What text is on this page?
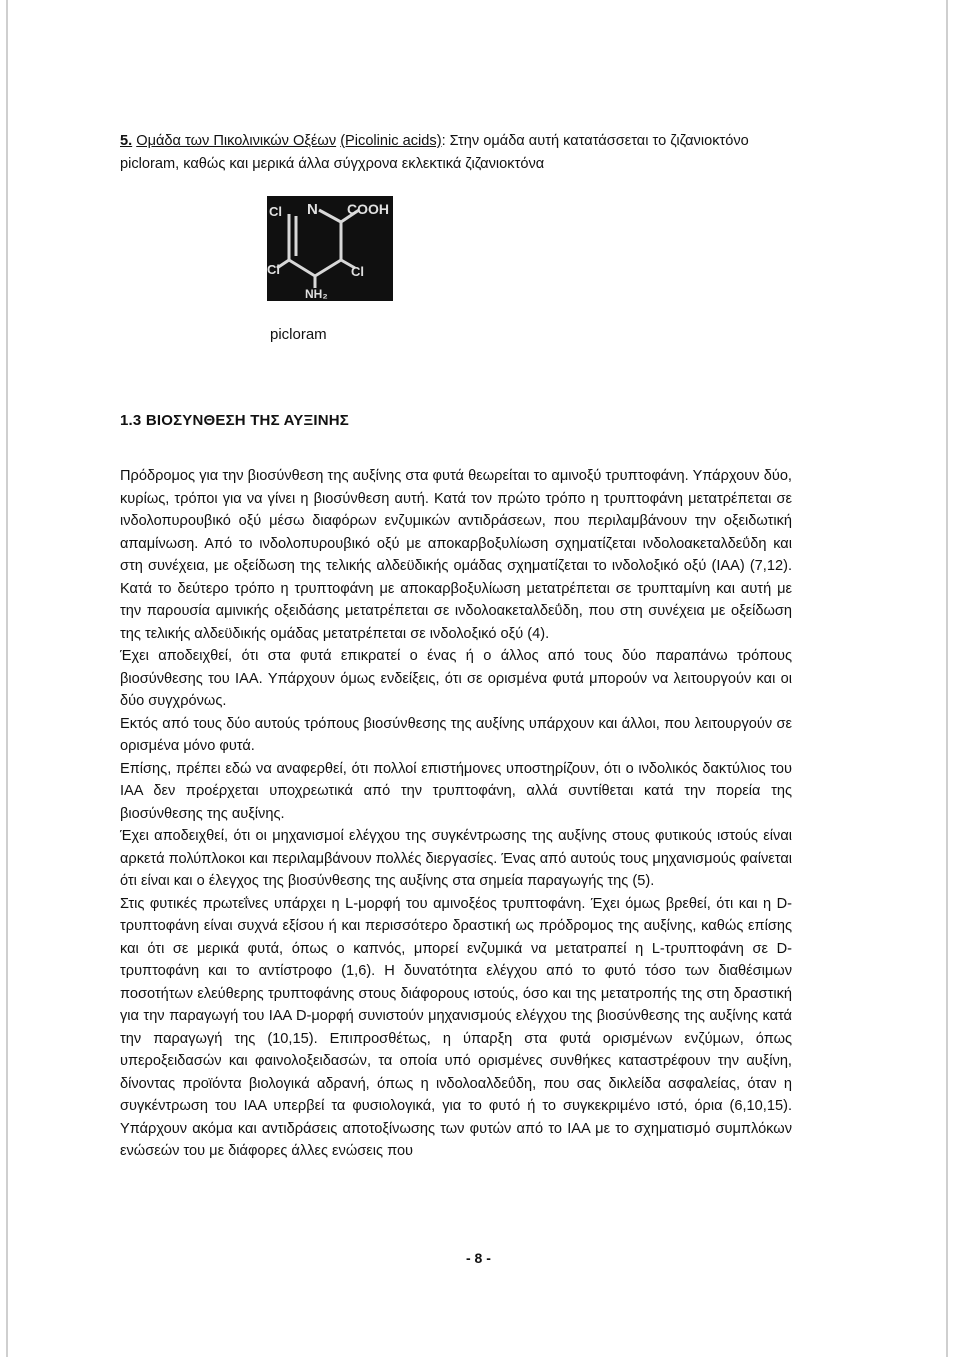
5. Ομάδα των Πικολινικών Οξέων (Picolinic acids): Στην ομάδα αυτή κατατάσσεται το ζιζανιοκτόνο picloram, καθώς και μερικά άλλα σύγχρονα εκλεκτικά ζιζανιοκτόνα

Cl N COOH
Cl	Cl
NH₂
picloram
1.3 ΒΙΟΣΥΝΘΕΣΗ ΤΗΣ ΑΥΞΙΝΗΣ

Πρόδρομος για την βιοσύνθεση της αυξίνης στα φυτά θεωρείται το αμινοξύ τρυπτοφάνη. Υπάρχουν δύο, κυρίως, τρόποι για να γίνει η βιοσύνθεση αυτή. Κατά τον πρώτο τρόπο η τρυπτοφάνη μετατρέπεται σε ινδολοπυρουβικό οξύ μέσω διαφόρων ενζυμικών αντιδράσεων, που περιλαμβάνουν την οξειδωτική απαμίνωση. Από το ινδολοπυρουβικό οξύ με αποκαρβοξυλίωση σχηματίζεται ινδολοακεταλδεΰδη και στη συνέχεια, με οξείδωση της τελικής αλδεϋδικής ομάδας σχηματίζεται το ινδολοξικό οξύ (IAA) (7,12). Κατά το δεύτερο τρόπο η τρυπτοφάνη με αποκαρβοξυλίωση μετατρέπεται σε τρυπταμίνη και αυτή με την παρουσία αμινικής οξειδάσης μετατρέπεται σε ινδολοακεταλδεΰδη, που στη συνέχεια με οξείδωση της τελικής αλδεϋδικής ομάδας μετατρέπεται σε ινδολοξικό οξύ (4).

Έχει αποδειχθεί, ότι στα φυτά επικρατεί ο ένας ή ο άλλος από τους δύο παραπάνω τρόπους βιοσύνθεσης του IAA. Υπάρχουν όμως ενδείξεις, ότι σε ορισμένα φυτά μπορούν να λειτουργούν και οι δύο συγχρόνως.

Εκτός από τους δύο αυτούς τρόπους βιοσύνθεσης της αυξίνης υπάρχουν και άλλοι, που λειτουργούν σε ορισμένα μόνο φυτά.

Επίσης, πρέπει εδώ να αναφερθεί, ότι πολλοί επιστήμονες υποστηρίζουν, ότι ο ινδολικός δακτύλιος του IAA δεν προέρχεται υποχρεωτικά από την τρυπτοφάνη, αλλά συντίθεται κατά την πορεία της βιοσύνθεσης της αυξίνης.

Έχει αποδειχθεί, ότι οι μηχανισμοί ελέγχου της συγκέντρωσης της αυξίνης στους φυτικούς ιστούς είναι αρκετά πολύπλοκοι και περιλαμβάνουν πολλές διεργασίες. Ένας από αυτούς τους μηχανισμούς φαίνεται ότι είναι και ο έλεγχος της βιοσύνθεσης της αυξίνης στα σημεία παραγωγής της (5).

Στις φυτικές πρωτεΐνες υπάρχει η L-μορφή του αμινοξέος τρυπτοφάνη. Έχει όμως βρεθεί, ότι και η D-τρυπτοφάνη είναι συχνά εξίσου ή και περισσότερο δραστική ως πρόδρομος της αυξίνης, καθώς επίσης και ότι σε μερικά φυτά, όπως ο καπνός, μπορεί ενζυμικά να μετατραπεί η L-τρυπτοφάνη σε D-τρυπτοφάνη και το αντίστροφο (1,6). Η δυνατότητα ελέγχου από το φυτό τόσο των διαθέσιμων ποσοτήτων ελεύθερης τρυπτοφάνης στους διάφορους ιστούς, όσο και της μετατροπής της στη δραστική για την παραγωγή του IAA D-μορφή συνιστούν μηχανισμούς ελέγχου της βιοσύνθεσης της αυξίνης κατά την παραγωγή της (10,15). Επιπροσθέτως, η ύπαρξη στα φυτά ορισμένων ενζύμων, όπως υπεροξειδασών και φαινολοξειδασών, τα οποία υπό ορισμένες συνθήκες καταστρέφουν την αυξίνη, δίνοντας προϊόντα βιολογικά αδρανή, όπως η ινδολοαλδεΰδη, που σας δικλείδα ασφαλείας, όταν η συγκέντρωση του IAA υπερβεί τα φυσιολογικά, για το φυτό ή το συγκεκριμένο ιστό, όρια (6,10,15). Υπάρχουν ακόμα και αντιδράσεις αποτοξίνωσης των φυτών από το IAA με το σχηματισμό συμπλόκων ενώσεών του με διάφορες άλλες ενώσεις που

- 8 -
